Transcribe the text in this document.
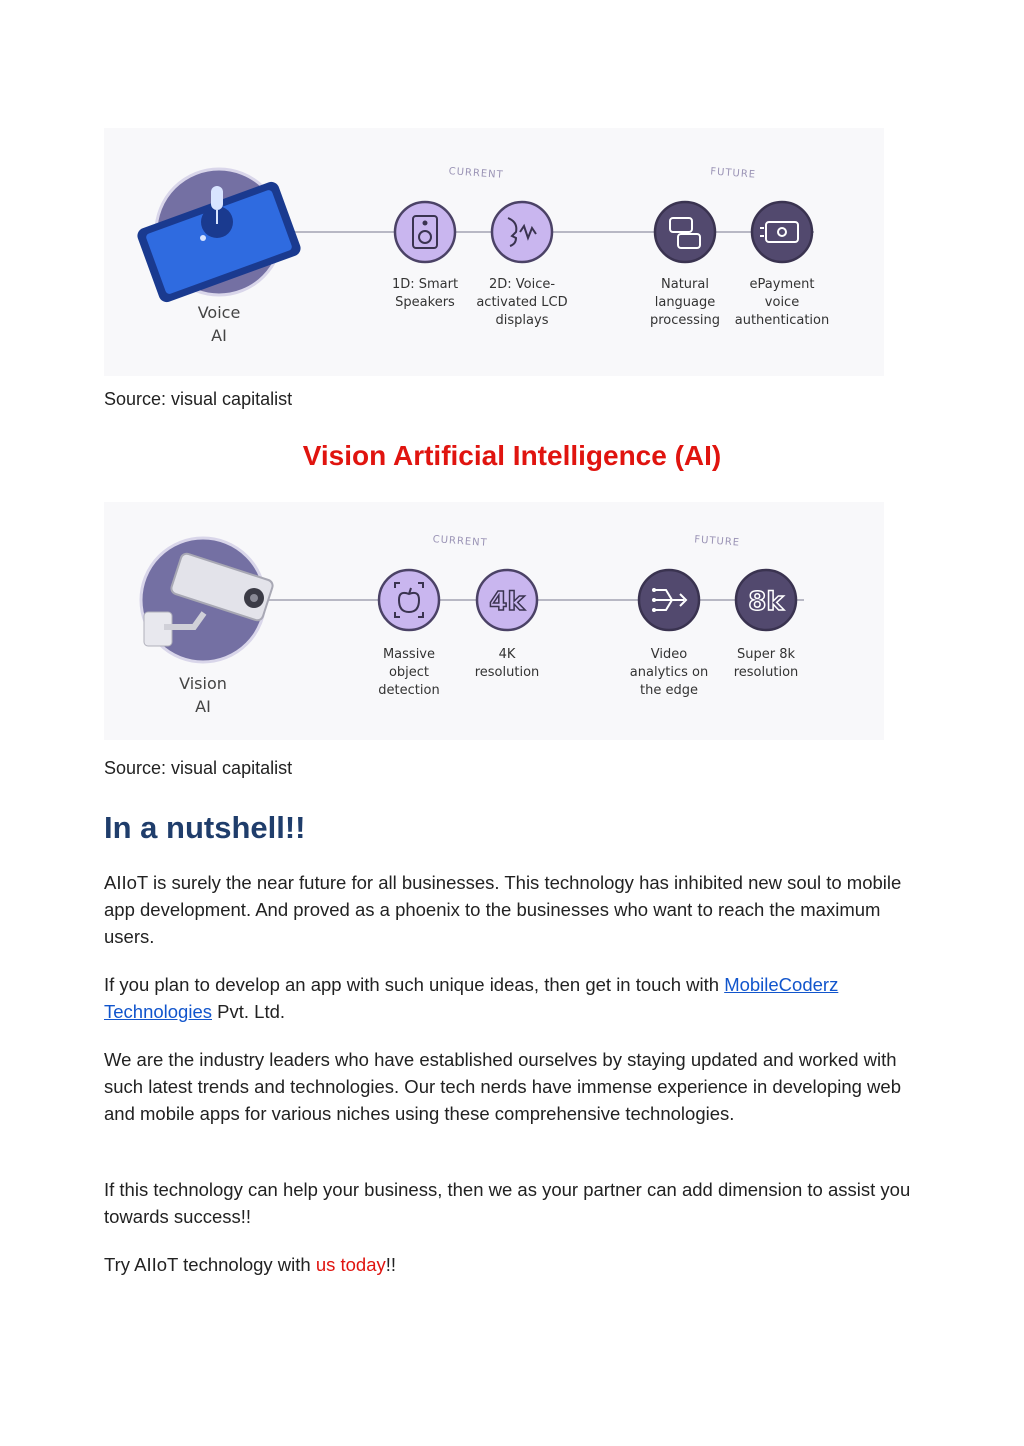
Voice
AI
CURRENT	FUTURE
1D: Smart
Speakers
2D: Voice-
activated LCD
displays
Natural
language
processing
ePayment
voice
authentication
Source: visual capitalist
Vision Artificial Intelligence (AI)
Vision
AI
CURRENT	FUTURE
4k	8k
Massive
object
detection
4K
resolution
Video
analytics on
the edge
Super 8k
resolution
Source: visual capitalist
In a nutshell!!

AIIoT is surely the near future for all businesses. This technology has inhibited new soul to mobile app development. And proved as a phoenix to the businesses who want to reach the maximum users.

If you plan to develop an app with such unique ideas, then get in touch with MobileCoderz Technologies Pvt. Ltd.

We are the industry leaders who have established ourselves by staying updated and worked with such latest trends and technologies. Our tech nerds have immense experience in developing web and mobile apps for various niches using these comprehensive technologies.

If this technology can help your business, then we as your partner can add dimension to assist you towards success!!

Try AIIoT technology with us today!!
